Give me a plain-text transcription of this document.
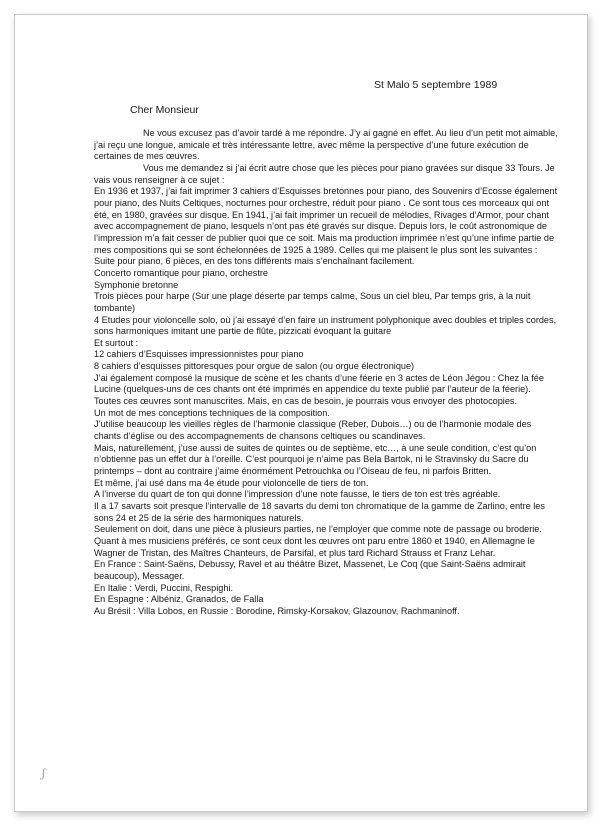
St Malo 5 septembre 1989
Cher Monsieur

Ne vous excusez pas d’avoir tardé à me répondre. J’y ai gagné en effet. Au lieu d’un petit mot aimable, j’ai reçu une longue, amicale et très intéressante lettre, avec même la perspective d’une future exécution de certaines de mes œuvres.

Vous me demandez si j’ai écrit autre chose que les pièces pour piano gravées sur disque 33 Tours. Je vais vous renseigner à ce sujet :

En 1936 et 1937, j’ai fait imprimer 3 cahiers d’Esquisses bretonnes pour piano, des Souvenirs d’Ecosse également pour piano, des Nuits Celtiques, nocturnes pour orchestre, réduit pour piano . Ce sont tous ces morceaux qui ont été, en 1980, gravées sur disque. En 1941, j’ai fait imprimer un recueil de mélodies, Rivages d’Armor, pour chant avec accompagnement de piano, lesquels n’ont pas été gravés sur disque. Depuis lors, le coût astronomique de l’impression m’a fait cesser de publier quoi que ce soit. Mais ma production imprimée n’est qu’une infime partie de mes compositions qui se sont échelonnées de 1925 à 1989. Celles qui me plaisent le plus sont les suivantes :

Suite pour piano, 6 pièces, en des tons différents mais s’enchaînant facilement.

Concerto romantique pour piano, orchestre

Symphonie bretonne

Trois pièces pour harpe (Sur une plage déserte par temps calme, Sous un ciel bleu, Par temps gris, à la nuit tombante)

4 Etudes pour violoncelle solo, où j’ai essayé d’en faire un instrument polyphonique avec doubles et triples cordes, sons harmoniques imitant une partie de flûte, pizzicati évoquant la guitare

Et surtout :

12 cahiers d’Esquisses impressionnistes pour piano

8 cahiers d’esquisses pittoresques pour orgue de salon (ou orgue électronique)

J’ai également composé la musique de scène et les chants d’une féerie en 3 actes de Léon Jégou : Chez la fée Lucine (quelques-uns de ces chants ont été imprimés en appendice du texte publié par l’auteur de la féerie).

Toutes ces œuvres sont manuscrites. Mais, en cas de besoin, je pourrais vous envoyer des photocopies.

Un mot de mes conceptions techniques de la composition.

J’utilise beaucoup les vieilles règles de l’harmonie classique (Reber, Dubois…) ou de l’harmonie modale des chants d’église ou des accompagnements de chansons celtiques ou scandinaves.

Mais, naturellement, j’use aussi de suites de quintes ou de septième, etc…, à une seule condition, c’est qu’on n’obtienne pas un effet dur à l’oreille. C’est pourquoi je n’aime pas Bela Bartok, ni le Stravinsky du Sacre du printemps – dont au contraire j’aime énormément Petrouchka ou l’Oiseau de feu, ni parfois Britten.

Et même, j’ai usé dans ma 4e étude pour violoncelle de tiers de ton.

A l’inverse du quart de ton qui donne l’impression d’une note fausse, le tiers de ton est très agréable.

Il a 17 savarts soit presque l’intervalle de 18 savarts du demi ton chromatique de la gamme de Zarlino, entre les sons 24 et 25 de la série des harmoniques naturels.

Seulement on doit, dans une pièce à plusieurs parties, ne l’employer que comme note de passage ou broderie.

Quant à mes musiciens préférés, ce sont ceux dont les œuvres ont paru entre 1860 et 1940, en Allemagne le Wagner de Tristan, des Maîtres Chanteurs, de Parsifal, et plus tard Richard Strauss et Franz Lehar.

En France : Saint-Saëns, Debussy, Ravel et au théâtre Bizet, Massenet, Le Coq (que Saint-Saëns admirait beaucoup), Messager.

En Italie : Verdi, Puccini, Respighi.

En Espagne : Albéniz, Granados, de Falla

Au Brésil : Villa Lobos, en Russie : Borodine, Rimsky-Korsakov, Glazounov, Rachmaninoff.

ʃ
